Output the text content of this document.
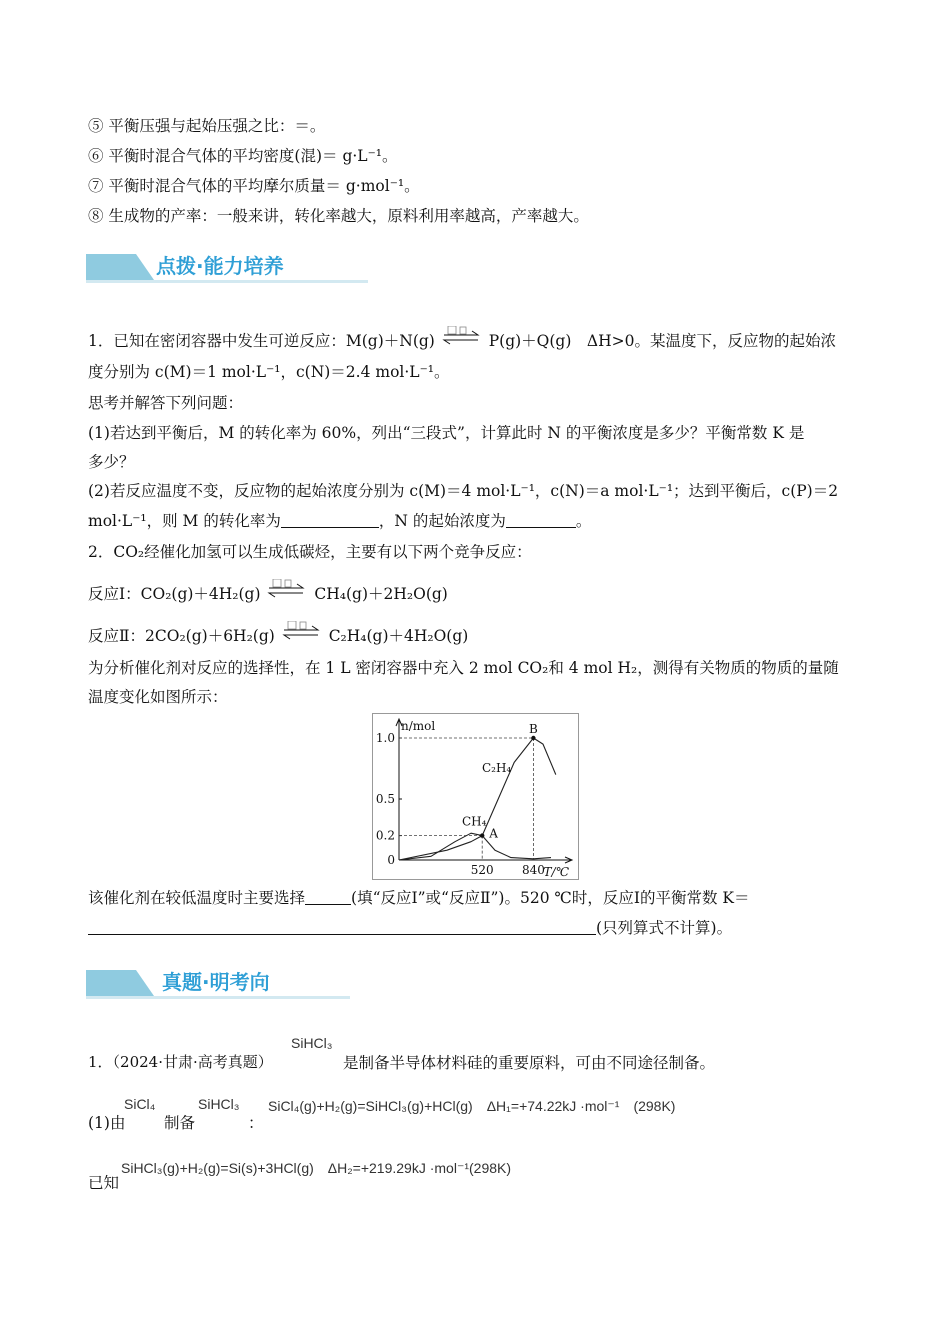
⑤ 平衡压强与起始压强之比：＝。
⑥ 平衡时混合气体的平均密度(混)＝ g·L⁻¹。
⑦ 平衡时混合气体的平均摩尔质量＝ g·mol⁻¹。
⑧ 生成物的产率：一般来讲，转化率越大，原料利用率越高，产率越大。
点拨·能力培养
1．已知在密闭容器中发生可逆反应：M(g)＋N(g) ⇌ P(g)＋Q(g)　ΔH>0。某温度下，反应物的起始浓
度分别为 c(M)＝1 mol·L⁻¹，c(N)＝2.4 mol·L⁻¹。
思考并解答下列问题：
(1)若达到平衡后，M 的转化率为 60%，列出“三段式”，计算此时 N 的平衡浓度是多少？平衡常数 K 是
多少？
(2)若反应温度不变，反应物的起始浓度分别为 c(M)＝4 mol·L⁻¹，c(N)＝a mol·L⁻¹；达到平衡后，c(P)＝2
mol·L⁻¹，则 M 的转化率为	，N 的起始浓度为	。
2．CO₂经催化加氢可以生成低碳烃，主要有以下两个竞争反应：
反应Ⅰ：CO₂(g)＋4H₂(g) ⇌ CH₄(g)＋2H₂O(g)
反应Ⅱ：2CO₂(g)＋6H₂(g) ⇌ C₂H₄(g)＋4H₂O(g)
为分析催化剂对反应的选择性，在 1 L 密闭容器中充入 2 mol CO₂和 4 mol H₂，测得有关物质的物质的量随
温度变化如图所示：
n/mol
T/℃
1.0
0.5
0.2
0
520 840
CH₄
C₂H₄
A
B
该催化剂在较低温度时主要选择	(填“反应Ⅰ”或“反应Ⅱ”)。520 ℃时，反应Ⅰ的平衡常数 K＝
(只列算式不计算)。
真题·明考向
1．（2024·甘肃·高考真题）
SiHCl₃
是制备半导体材料硅的重要原料，可由不同途径制备。
(1)由
SiCl₄
制备
SiHCl₃
：
SiCl₄(g)+H₂(g)=SiHCl₃(g)+HCl(g)　ΔH₁=+74.22kJ ·mol⁻¹　(298K)
已知
SiHCl₃(g)+H₂(g)=Si(s)+3HCl(g)　ΔH₂=+219.29kJ ·mol⁻¹(298K)
